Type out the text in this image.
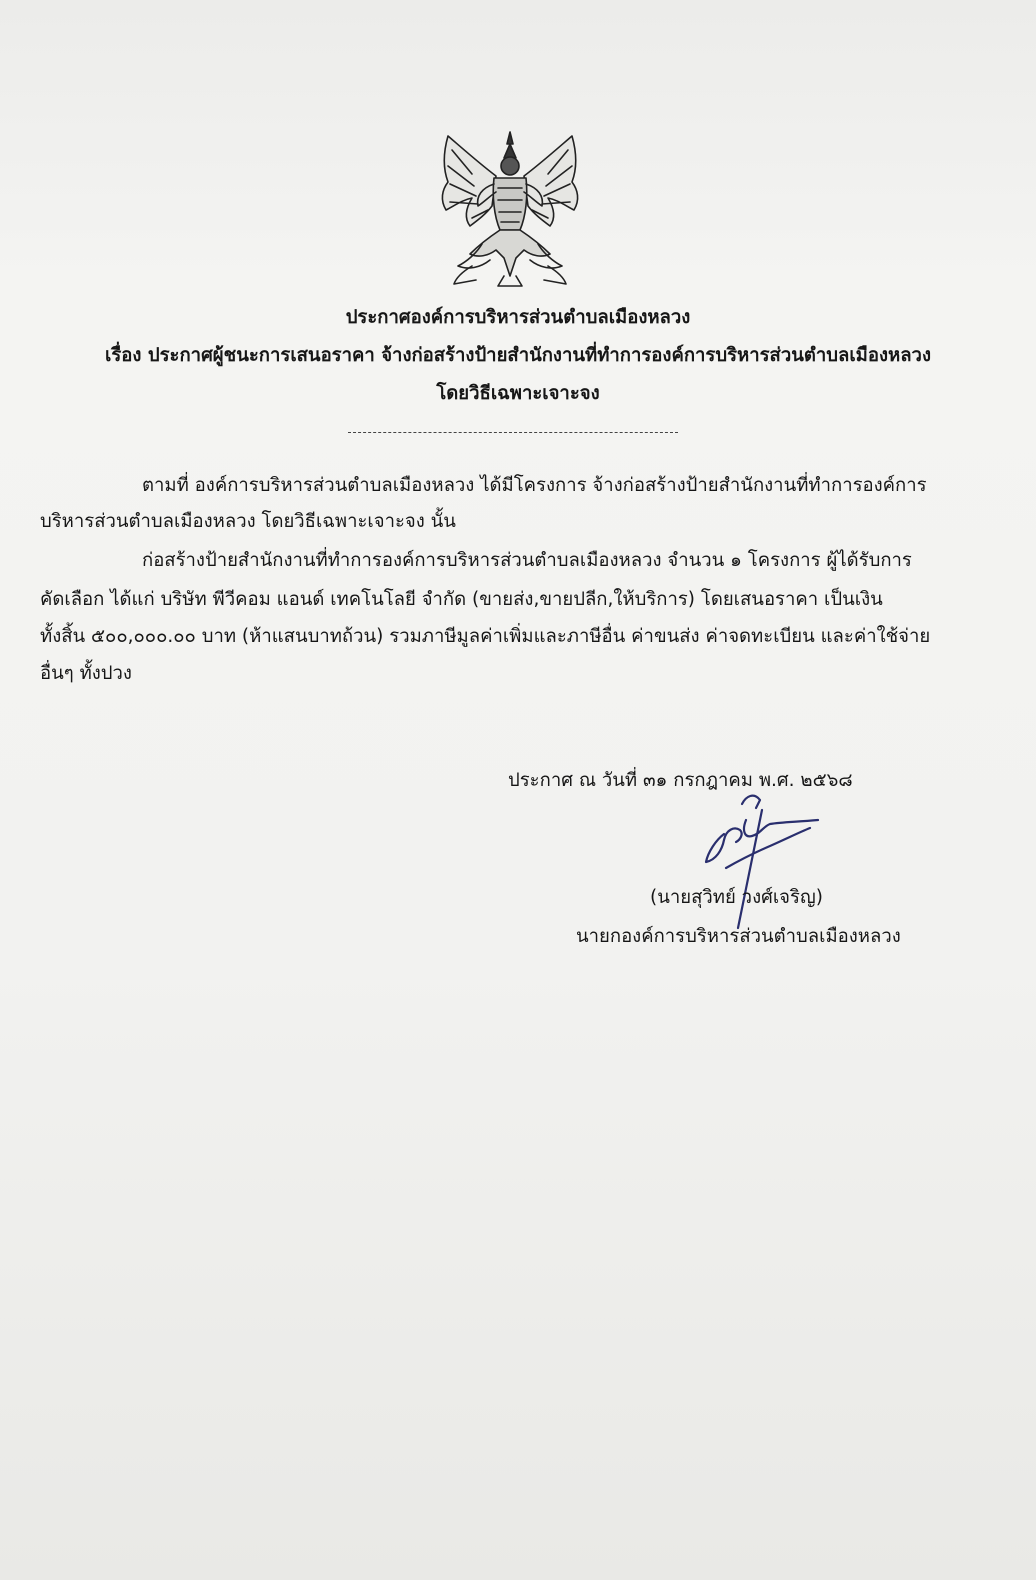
ประกาศองค์การบริหารส่วนตำบลเมืองหลวง
เรื่อง ประกาศผู้ชนะการเสนอราคา จ้างก่อสร้างป้ายสำนักงานที่ทำการองค์การบริหารส่วนตำบลเมืองหลวง
โดยวิธีเฉพาะเจาะจง
ตามที่ องค์การบริหารส่วนตำบลเมืองหลวง ได้มีโครงการ จ้างก่อสร้างป้ายสำนักงานที่ทำการองค์การ
บริหารส่วนตำบลเมืองหลวง โดยวิธีเฉพาะเจาะจง นั้น
ก่อสร้างป้ายสำนักงานที่ทำการองค์การบริหารส่วนตำบลเมืองหลวง จำนวน ๑ โครงการ ผู้ได้รับการ
คัดเลือก ได้แก่ บริษัท พีวีคอม แอนด์ เทคโนโลยี จำกัด (ขายส่ง,ขายปลีก,ให้บริการ) โดยเสนอราคา เป็นเงิน
ทั้งสิ้น ๕๐๐,๐๐๐.๐๐ บาท (ห้าแสนบาทถ้วน) รวมภาษีมูลค่าเพิ่มและภาษีอื่น ค่าขนส่ง ค่าจดทะเบียน และค่าใช้จ่าย
อื่นๆ ทั้งปวง
ประกาศ ณ วันที่ ๓๑ กรกฎาคม พ.ศ. ๒๕๖๘
(นายสุวิทย์ วงศ์เจริญ)
นายกองค์การบริหารส่วนตำบลเมืองหลวง
